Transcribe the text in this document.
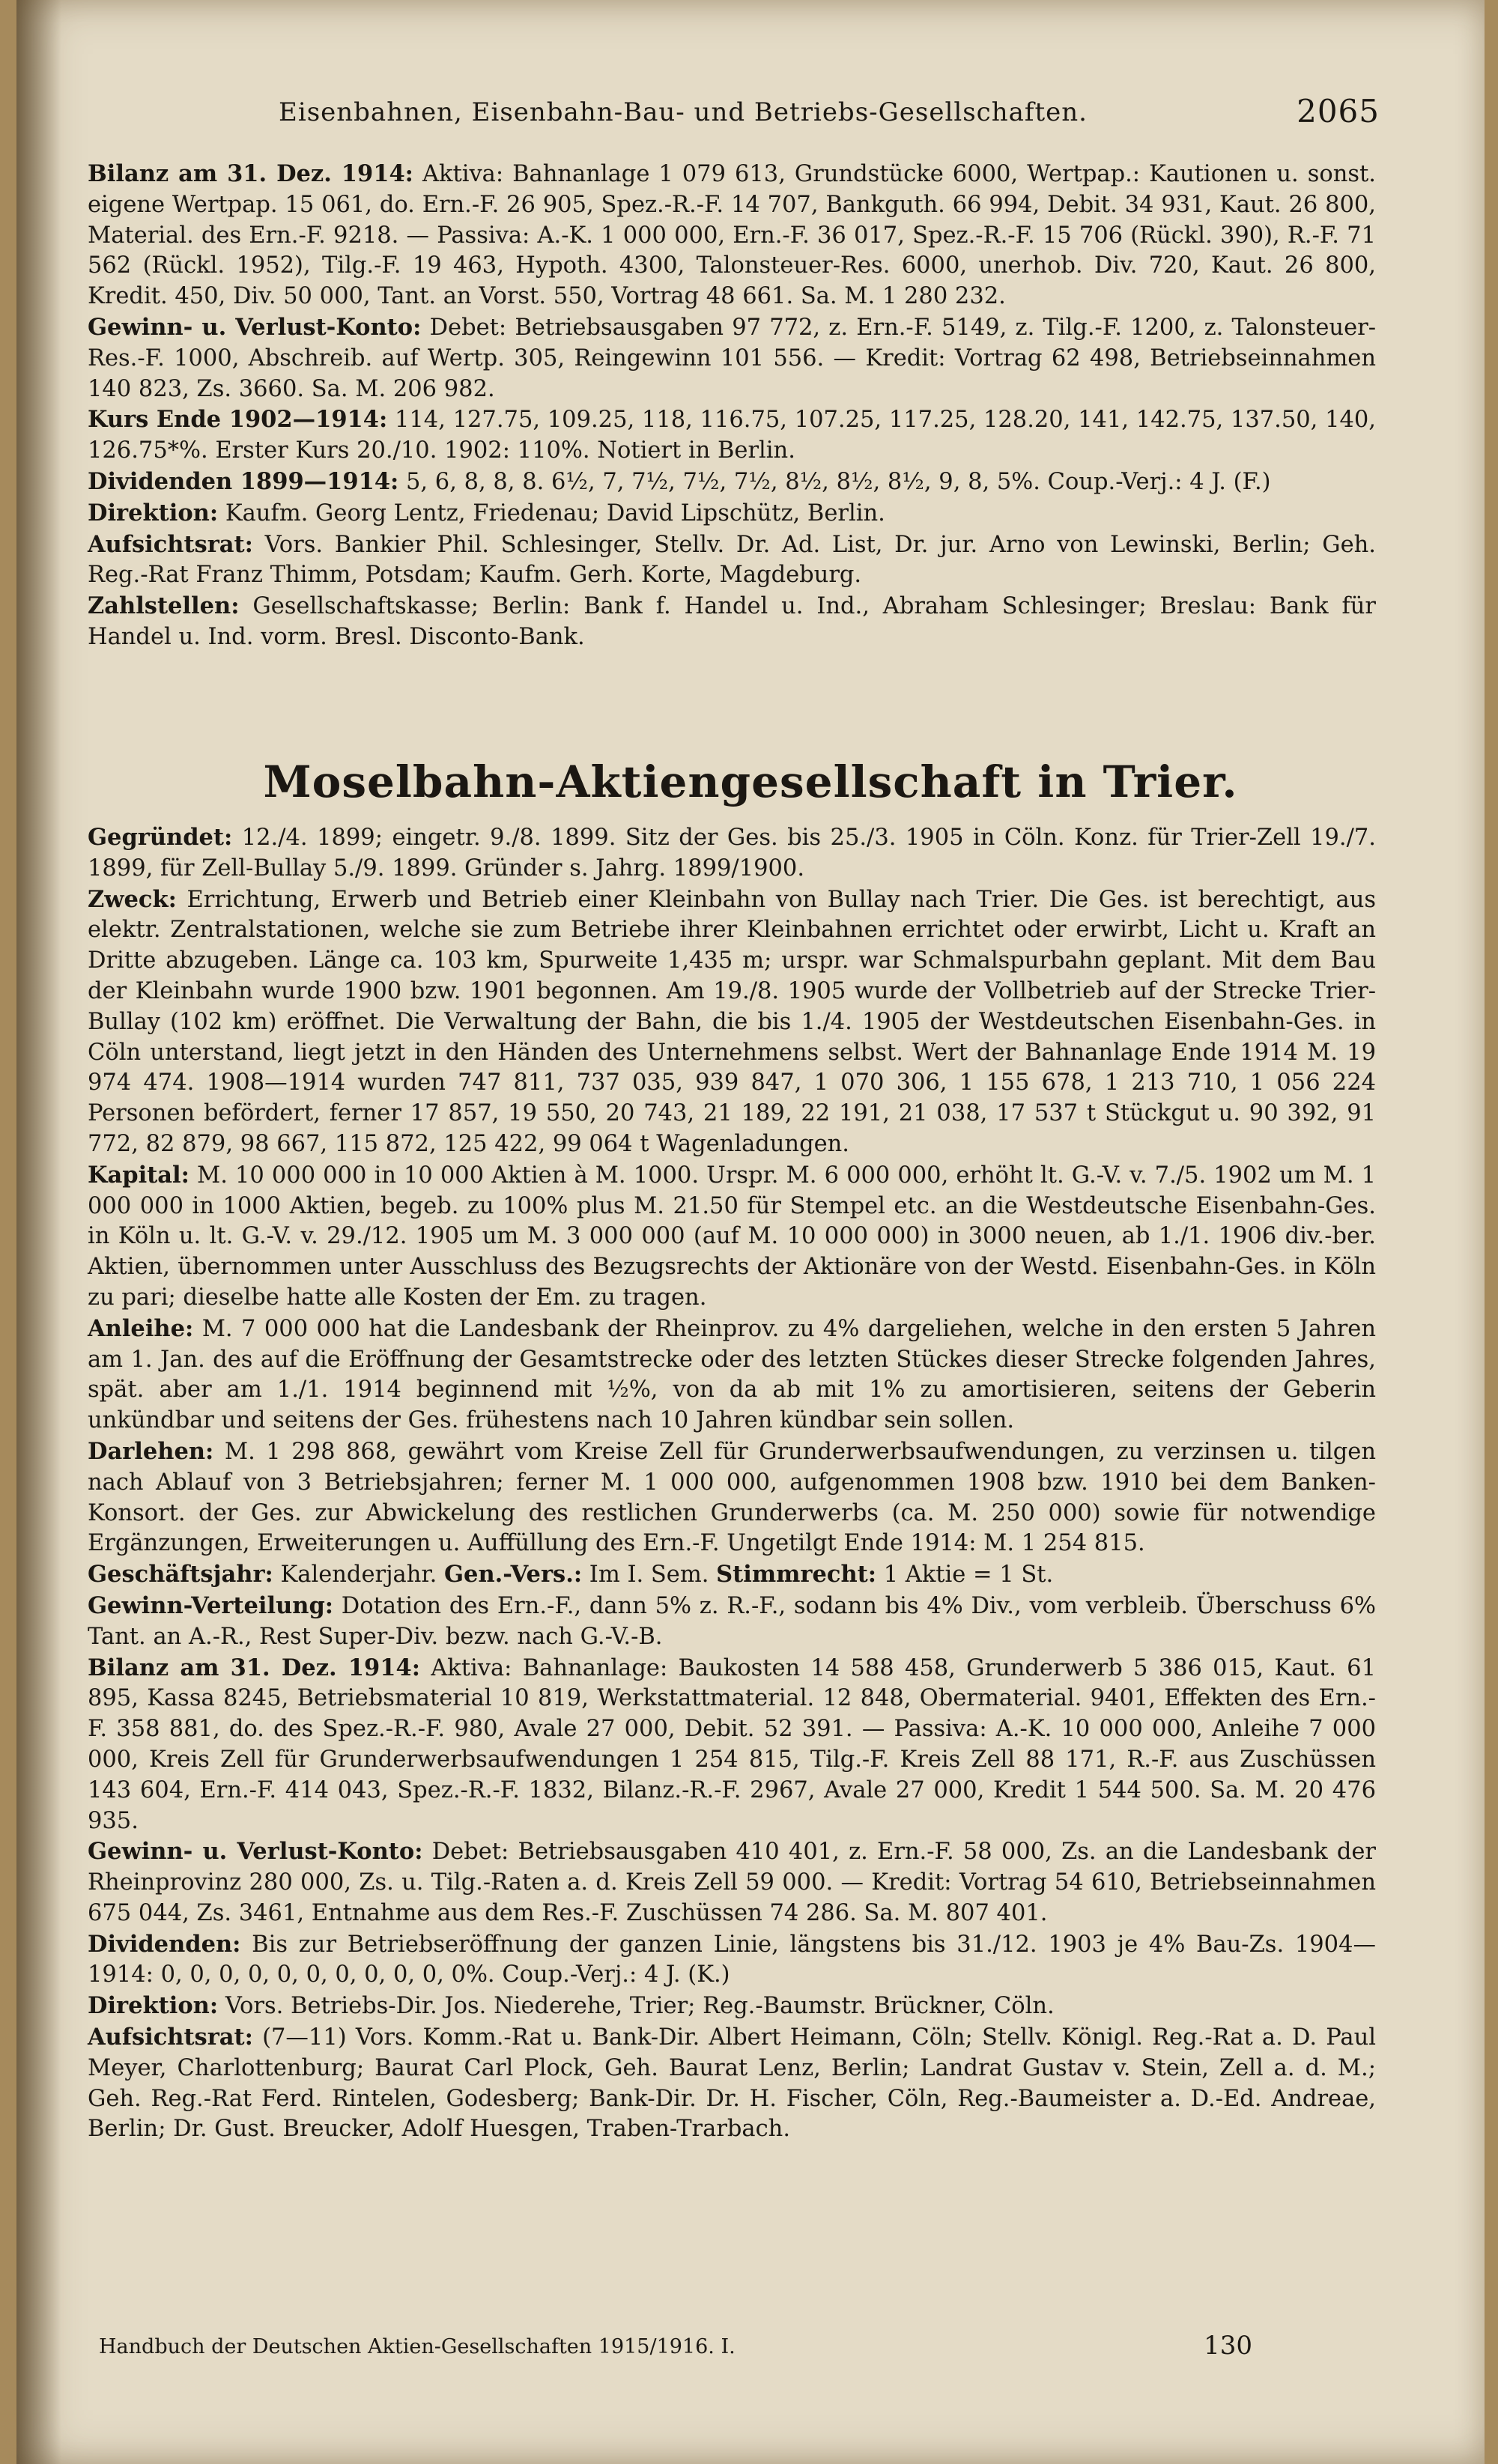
Eisenbahnen, Eisenbahn-Bau- und Betriebs-Gesellschaften.	2065

Bilanz am 31. Dez. 1914: Aktiva: Bahnanlage 1 079 613, Grundstücke 6000, Wertpap.: Kautionen u. sonst. eigene Wertpap. 15 061, do. Ern.-F. 26 905, Spez.-R.-F. 14 707, Bankguth. 66 994, Debit. 34 931, Kaut. 26 800, Material. des Ern.-F. 9218. — Passiva: A.-K. 1 000 000, Ern.-F. 36 017, Spez.-R.-F. 15 706 (Rückl. 390), R.-F. 71 562 (Rückl. 1952), Tilg.-F. 19 463, Hypoth. 4300, Talonsteuer-Res. 6000, unerhob. Div. 720, Kaut. 26 800, Kredit. 450, Div. 50 000, Tant. an Vorst. 550, Vortrag 48 661. Sa. M. 1 280 232.

Gewinn- u. Verlust-Konto: Debet: Betriebsausgaben 97 772, z. Ern.-F. 5149, z. Tilg.-F. 1200, z. Talonsteuer-Res.-F. 1000, Abschreib. auf Wertp. 305, Reingewinn 101 556. — Kredit: Vortrag 62 498, Betriebseinnahmen 140 823, Zs. 3660. Sa. M. 206 982.

Kurs Ende 1902—1914: 114, 127.75, 109.25, 118, 116.75, 107.25, 117.25, 128.20, 141, 142.75, 137.50, 140, 126.75*%. Erster Kurs 20./10. 1902: 110%. Notiert in Berlin.

Dividenden 1899—1914: 5, 6, 8, 8, 8. 6½, 7, 7½, 7½, 7½, 8½, 8½, 8½, 9, 8, 5%. Coup.-Verj.: 4 J. (F.)

Direktion: Kaufm. Georg Lentz, Friedenau; David Lipschütz, Berlin.

Aufsichtsrat: Vors. Bankier Phil. Schlesinger, Stellv. Dr. Ad. List, Dr. jur. Arno von Lewinski, Berlin; Geh. Reg.-Rat Franz Thimm, Potsdam; Kaufm. Gerh. Korte, Magdeburg.

Zahlstellen: Gesellschaftskasse; Berlin: Bank f. Handel u. Ind., Abraham Schlesinger; Breslau: Bank für Handel u. Ind. vorm. Bresl. Disconto-Bank.

Moselbahn-Aktiengesellschaft in Trier.

Gegründet: 12./4. 1899; eingetr. 9./8. 1899. Sitz der Ges. bis 25./3. 1905 in Cöln. Konz. für Trier-Zell 19./7. 1899, für Zell-Bullay 5./9. 1899. Gründer s. Jahrg. 1899/1900.

Zweck: Errichtung, Erwerb und Betrieb einer Kleinbahn von Bullay nach Trier. Die Ges. ist berechtigt, aus elektr. Zentralstationen, welche sie zum Betriebe ihrer Kleinbahnen errichtet oder erwirbt, Licht u. Kraft an Dritte abzugeben. Länge ca. 103 km, Spurweite 1,435 m; urspr. war Schmalspurbahn geplant. Mit dem Bau der Kleinbahn wurde 1900 bzw. 1901 begonnen. Am 19./8. 1905 wurde der Vollbetrieb auf der Strecke Trier-Bullay (102 km) eröffnet. Die Verwaltung der Bahn, die bis 1./4. 1905 der Westdeutschen Eisenbahn-Ges. in Cöln unterstand, liegt jetzt in den Händen des Unternehmens selbst. Wert der Bahnanlage Ende 1914 M. 19 974 474. 1908—1914 wurden 747 811, 737 035, 939 847, 1 070 306, 1 155 678, 1 213 710, 1 056 224 Personen befördert, ferner 17 857, 19 550, 20 743, 21 189, 22 191, 21 038, 17 537 t Stückgut u. 90 392, 91 772, 82 879, 98 667, 115 872, 125 422, 99 064 t Wagenladungen.

Kapital: M. 10 000 000 in 10 000 Aktien à M. 1000. Urspr. M. 6 000 000, erhöht lt. G.-V. v. 7./5. 1902 um M. 1 000 000 in 1000 Aktien, begeb. zu 100% plus M. 21.50 für Stempel etc. an die Westdeutsche Eisenbahn-Ges. in Köln u. lt. G.-V. v. 29./12. 1905 um M. 3 000 000 (auf M. 10 000 000) in 3000 neuen, ab 1./1. 1906 div.-ber. Aktien, übernommen unter Ausschluss des Bezugsrechts der Aktionäre von der Westd. Eisenbahn-Ges. in Köln zu pari; dieselbe hatte alle Kosten der Em. zu tragen.

Anleihe: M. 7 000 000 hat die Landesbank der Rheinprov. zu 4% dargeliehen, welche in den ersten 5 Jahren am 1. Jan. des auf die Eröffnung der Gesamtstrecke oder des letzten Stückes dieser Strecke folgenden Jahres, spät. aber am 1./1. 1914 beginnend mit ½%, von da ab mit 1% zu amortisieren, seitens der Geberin unkündbar und seitens der Ges. frühestens nach 10 Jahren kündbar sein sollen.

Darlehen: M. 1 298 868, gewährt vom Kreise Zell für Grunderwerbsaufwendungen, zu verzinsen u. tilgen nach Ablauf von 3 Betriebsjahren; ferner M. 1 000 000, aufgenommen 1908 bzw. 1910 bei dem Banken-Konsort. der Ges. zur Abwickelung des restlichen Grunderwerbs (ca. M. 250 000) sowie für notwendige Ergänzungen, Erweiterungen u. Auffüllung des Ern.-F. Ungetilgt Ende 1914: M. 1 254 815.

Geschäftsjahr: Kalenderjahr. Gen.-Vers.: Im I. Sem. Stimmrecht: 1 Aktie = 1 St.

Gewinn-Verteilung: Dotation des Ern.-F., dann 5% z. R.-F., sodann bis 4% Div., vom verbleib. Überschuss 6% Tant. an A.-R., Rest Super-Div. bezw. nach G.-V.-B.

Bilanz am 31. Dez. 1914: Aktiva: Bahnanlage: Baukosten 14 588 458, Grunderwerb 5 386 015, Kaut. 61 895, Kassa 8245, Betriebsmaterial 10 819, Werkstattmaterial. 12 848, Obermaterial. 9401, Effekten des Ern.-F. 358 881, do. des Spez.-R.-F. 980, Avale 27 000, Debit. 52 391. — Passiva: A.-K. 10 000 000, Anleihe 7 000 000, Kreis Zell für Grunderwerbsaufwendungen 1 254 815, Tilg.-F. Kreis Zell 88 171, R.-F. aus Zuschüssen 143 604, Ern.-F. 414 043, Spez.-R.-F. 1832, Bilanz.-R.-F. 2967, Avale 27 000, Kredit 1 544 500. Sa. M. 20 476 935.

Gewinn- u. Verlust-Konto: Debet: Betriebsausgaben 410 401, z. Ern.-F. 58 000, Zs. an die Landesbank der Rheinprovinz 280 000, Zs. u. Tilg.-Raten a. d. Kreis Zell 59 000. — Kredit: Vortrag 54 610, Betriebseinnahmen 675 044, Zs. 3461, Entnahme aus dem Res.-F. Zuschüssen 74 286. Sa. M. 807 401.

Dividenden: Bis zur Betriebseröffnung der ganzen Linie, längstens bis 31./12. 1903 je 4% Bau-Zs. 1904—1914: 0, 0, 0, 0, 0, 0, 0, 0, 0, 0, 0%. Coup.-Verj.: 4 J. (K.)

Direktion: Vors. Betriebs-Dir. Jos. Niederehe, Trier; Reg.-Baumstr. Brückner, Cöln.

Aufsichtsrat: (7—11) Vors. Komm.-Rat u. Bank-Dir. Albert Heimann, Cöln; Stellv. Königl. Reg.-Rat a. D. Paul Meyer, Charlottenburg; Baurat Carl Plock, Geh. Baurat Lenz, Berlin; Landrat Gustav v. Stein, Zell a. d. M.; Geh. Reg.-Rat Ferd. Rintelen, Godesberg; Bank-Dir. Dr. H. Fischer, Cöln, Reg.-Baumeister a. D.-Ed. Andreae, Berlin; Dr. Gust. Breucker, Adolf Huesgen, Traben-Trarbach.

Handbuch der Deutschen Aktien-Gesellschaften 1915/1916. I.	130
